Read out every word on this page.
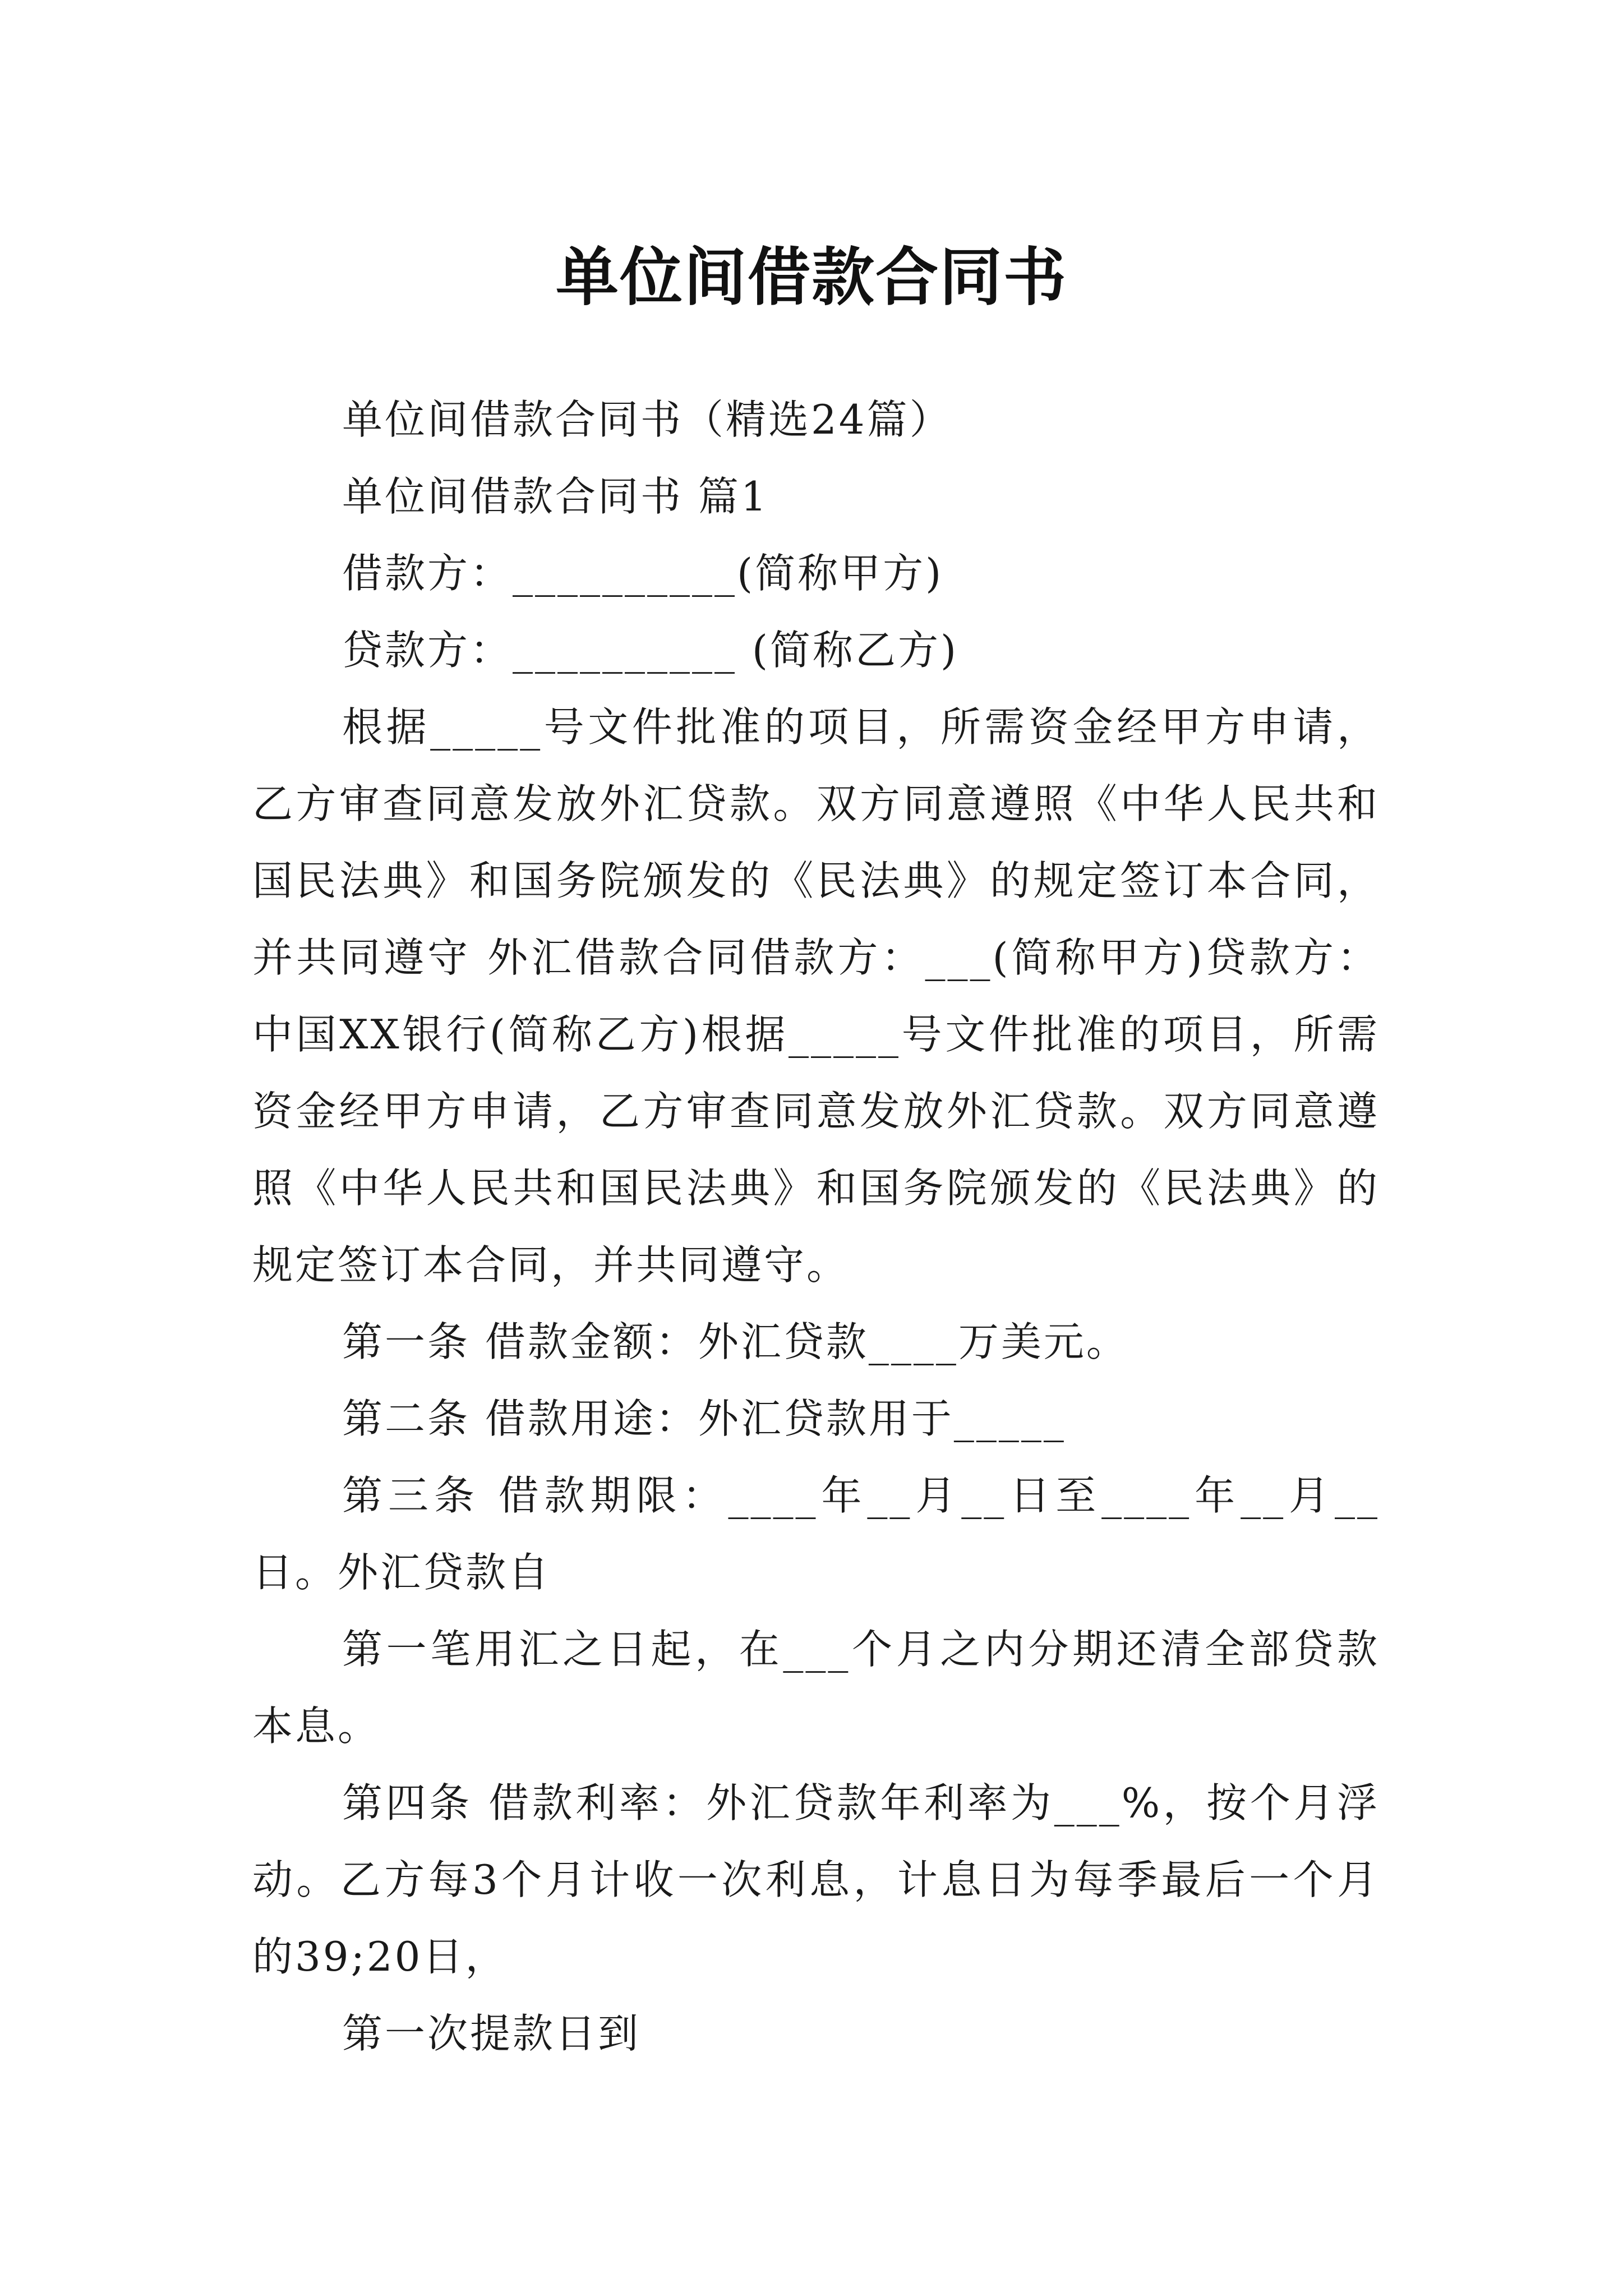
单位间借款合同书

单位间借款合同书（精选24篇）

单位间借款合同书 篇1

借款方：__________(简称甲方)

贷款方：__________ (简称乙方)

根据_____号文件批准的项目，所需资金经甲方申请，乙方审查同意发放外汇贷款。双方同意遵照《中华人民共和国民法典》和国务院颁发的《民法典》的规定签订本合同，并共同遵守 外汇借款合同借款方：___(简称甲方)贷款方：中国XX银行(简称乙方)根据_____号文件批准的项目，所需资金经甲方申请，乙方审查同意发放外汇贷款。双方同意遵照《中华人民共和国民法典》和国务院颁发的《民法典》的规定签订本合同，并共同遵守。

第一条 借款金额：外汇贷款____万美元。

第二条 借款用途：外汇贷款用于_____

第三条 借款期限：____年__月__日至____年__月__日。外汇贷款自

第一笔用汇之日起，在___个月之内分期还清全部贷款本息。

第四条 借款利率：外汇贷款年利率为___%，按个月浮动。乙方每3个月计收一次利息，计息日为每季最后一个月的39;20日，

第一次提款日到
